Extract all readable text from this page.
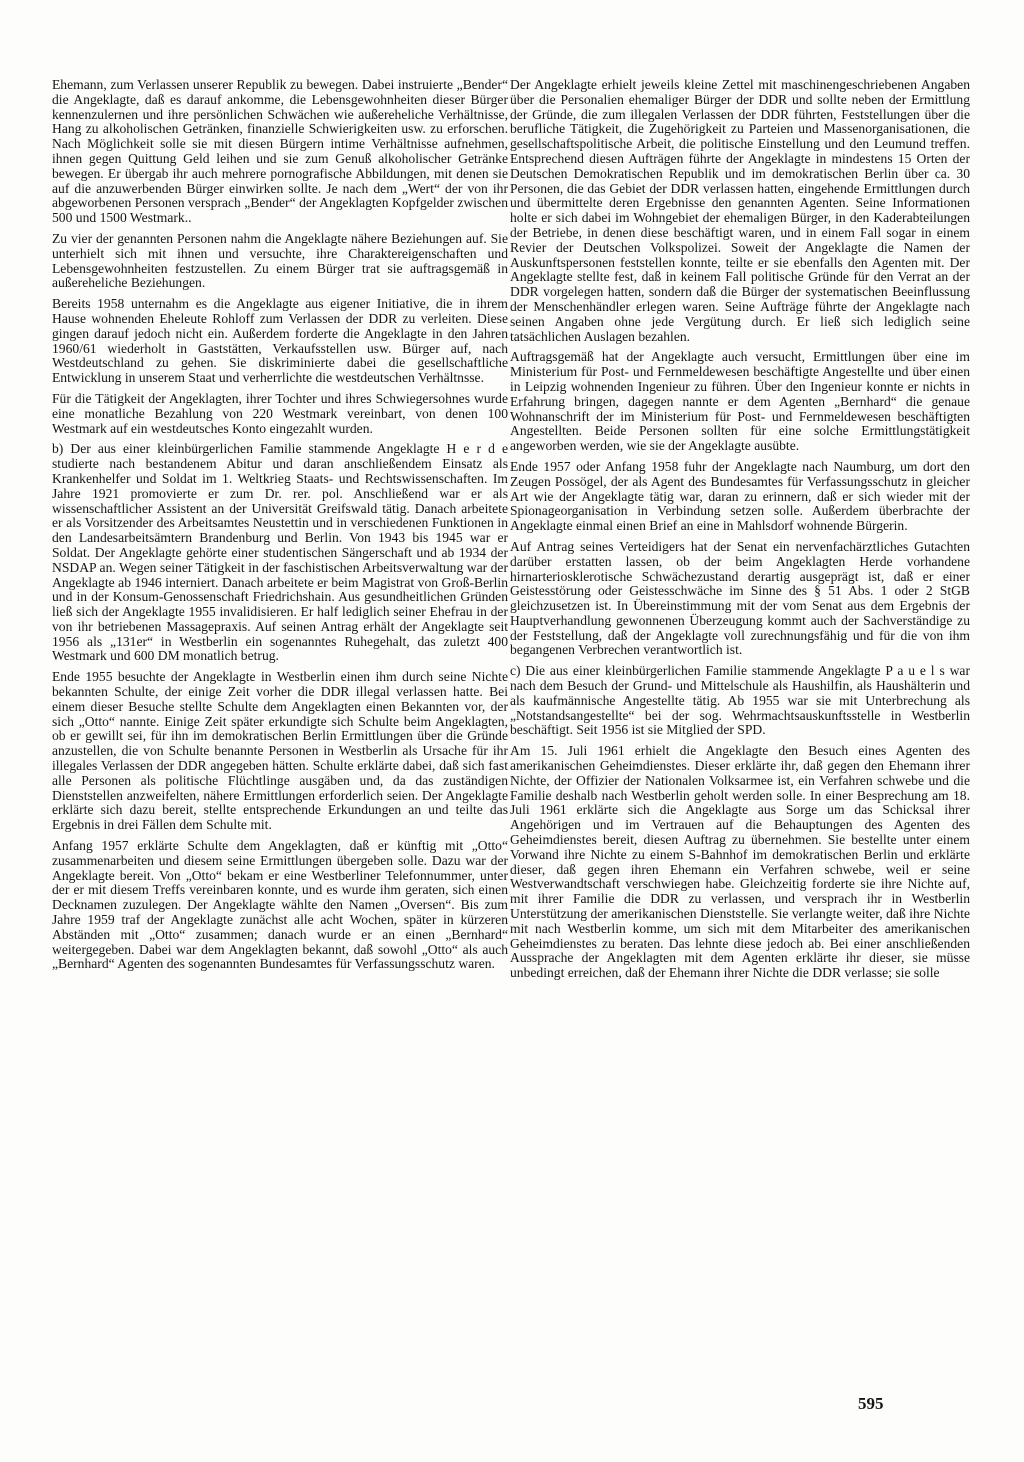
Ehemann, zum Verlassen unserer Republik zu bewegen. Dabei instruierte „Bender“ die Angeklagte, daß es darauf ankomme, die Lebensgewohnheiten dieser Bürger kennenzulernen und ihre persönlichen Schwächen wie außereheliche Verhältnisse, Hang zu alkoholischen Getränken, finanzielle Schwierigkeiten usw. zu erforschen. Nach Möglichkeit solle sie mit diesen Bürgern intime Verhältnisse aufnehmen, ihnen gegen Quittung Geld leihen und sie zum Genuß alkoholischer Getränke bewegen. Er übergab ihr auch mehrere pornografische Abbildungen, mit denen sie auf die anzuwerbenden Bürger einwirken sollte. Je nach dem „Wert“ der von ihr abgeworbenen Personen versprach „Bender“ der Angeklagten Kopfgelder zwischen 500 und 1500 Westmark..

Zu vier der genannten Personen nahm die Angeklagte nähere Beziehungen auf. Sie unterhielt sich mit ihnen und versuchte, ihre Charaktereigenschaften und Lebensgewohnheiten festzustellen. Zu einem Bürger trat sie auftragsgemäß in außereheliche Beziehungen.

Bereits 1958 unternahm es die Angeklagte aus eigener Initiative, die in ihrem Hause wohnenden Eheleute Rohloff zum Verlassen der DDR zu verleiten. Diese gingen darauf jedoch nicht ein. Außerdem forderte die Angeklagte in den Jahren 1960/61 wiederholt in Gaststätten, Verkaufsstellen usw. Bürger auf, nach Westdeutschland zu gehen. Sie diskriminierte dabei die gesellschaftliche Entwicklung in unserem Staat und verherrlichte die westdeutschen Verhältnsse.

Für die Tätigkeit der Angeklagten, ihrer Tochter und ihres Schwiegersohnes wurde eine monatliche Bezahlung von 220 Westmark vereinbart, von denen 100 Westmark auf ein westdeutsches Konto eingezahlt wurden.

b) Der aus einer kleinbürgerlichen Familie stammende Angeklagte H e r d e studierte nach bestandenem Abitur und daran anschließendem Einsatz als Krankenhelfer und Soldat im 1. Weltkrieg Staats- und Rechtswissenschaften. Im Jahre 1921 promovierte er zum Dr. rer. pol. Anschließend war er als wissenschaftlicher Assistent an der Universität Greifswald tätig. Danach arbeitete er als Vorsitzender des Arbeitsamtes Neustettin und in verschiedenen Funktionen in den Landesarbeitsämtern Brandenburg und Berlin. Von 1943 bis 1945 war er Soldat. Der Angeklagte gehörte einer studentischen Sängerschaft und ab 1934 der NSDAP an. Wegen seiner Tätigkeit in der faschistischen Arbeitsverwaltung war der Angeklagte ab 1946 interniert. Danach arbeitete er beim Magistrat von Groß-Berlin und in der Konsum-Genossenschaft Friedrichshain. Aus gesundheitlichen Gründen ließ sich der Angeklagte 1955 invalidisieren. Er half lediglich seiner Ehefrau in der von ihr betriebenen Massagepraxis. Auf seinen Antrag erhält der Angeklagte seit 1956 als „131er“ in Westberlin ein sogenanntes Ruhegehalt, das zuletzt 400 Westmark und 600 DM monatlich betrug.

Ende 1955 besuchte der Angeklagte in Westberlin einen ihm durch seine Nichte bekannten Schulte, der einige Zeit vorher die DDR illegal verlassen hatte. Bei einem dieser Besuche stellte Schulte dem Angeklagten einen Bekannten vor, der sich „Otto“ nannte. Einige Zeit später erkundigte sich Schulte beim Angeklagten, ob er gewillt sei, für ihn im demokratischen Berlin Ermittlungen über die Gründe anzustellen, die von Schulte benannte Personen in Westberlin als Ursache für ihr illegales Verlassen der DDR angegeben hätten. Schulte erklärte dabei, daß sich fast alle Personen als politische Flüchtlinge ausgäben und, da das zuständigen Dienststellen anzweifelten, nähere Ermittlungen erforderlich seien. Der Angeklagte erklärte sich dazu bereit, stellte entsprechende Erkundungen an und teilte das Ergebnis in drei Fällen dem Schulte mit.

Anfang 1957 erklärte Schulte dem Angeklagten, daß er künftig mit „Otto“ zusammenarbeiten und diesem seine Ermittlungen übergeben solle. Dazu war der Angeklagte bereit. Von „Otto“ bekam er eine Westberliner Telefonnummer, unter der er mit diesem Treffs vereinbaren konnte, und es wurde ihm geraten, sich einen Decknamen zuzulegen. Der Angeklagte wählte den Namen „Oversen“. Bis zum Jahre 1959 traf der Angeklagte zunächst alle acht Wochen, später in kürzeren Abständen mit „Otto“ zusammen; danach wurde er an einen „Bernhard“ weitergegeben. Dabei war dem Angeklagten bekannt, daß sowohl „Otto“ als auch „Bernhard“ Agenten des sogenannten Bundesamtes für Verfassungsschutz waren.

Der Angeklagte erhielt jeweils kleine Zettel mit maschinengeschriebenen Angaben über die Personalien ehemaliger Bürger der DDR und sollte neben der Ermittlung der Gründe, die zum illegalen Verlassen der DDR führten, Feststellungen über die berufliche Tätigkeit, die Zugehörigkeit zu Parteien und Massenorganisationen, die gesellschaftspolitische Arbeit, die politische Einstellung und den Leumund treffen. Entsprechend diesen Aufträgen führte der Angeklagte in mindestens 15 Orten der Deutschen Demokratischen Republik und im demokratischen Berlin über ca. 30 Personen, die das Gebiet der DDR verlassen hatten, eingehende Ermittlungen durch und übermittelte deren Ergebnisse den genannten Agenten. Seine Informationen holte er sich dabei im Wohngebiet der ehemaligen Bürger, in den Kaderabteilungen der Betriebe, in denen diese beschäftigt waren, und in einem Fall sogar in einem Revier der Deutschen Volkspolizei. Soweit der Angeklagte die Namen der Auskunftspersonen feststellen konnte, teilte er sie ebenfalls den Agenten mit. Der Angeklagte stellte fest, daß in keinem Fall politische Gründe für den Verrat an der DDR vorgelegen hatten, sondern daß die Bürger der systematischen Beeinflussung der Menschenhändler erlegen waren. Seine Aufträge führte der Angeklagte nach seinen Angaben ohne jede Vergütung durch. Er ließ sich lediglich seine tatsächlichen Auslagen bezahlen.

Auftragsgemäß hat der Angeklagte auch versucht, Ermittlungen über eine im Ministerium für Post- und Fernmeldewesen beschäftigte Angestellte und über einen in Leipzig wohnenden Ingenieur zu führen. Über den Ingenieur konnte er nichts in Erfahrung bringen, dagegen nannte er dem Agenten „Bernhard“ die genaue Wohnanschrift der im Ministerium für Post- und Fernmeldewesen beschäftigten Angestellten. Beide Personen sollten für eine solche Ermittlungstätigkeit angeworben werden, wie sie der Angeklagte ausübte.

Ende 1957 oder Anfang 1958 fuhr der Angeklagte nach Naumburg, um dort den Zeugen Possögel, der als Agent des Bundesamtes für Verfassungsschutz in gleicher Art wie der Angeklagte tätig war, daran zu erinnern, daß er sich wieder mit der Spionageorganisation in Verbindung setzen solle. Außerdem überbrachte der Angeklagte einmal einen Brief an eine in Mahlsdorf wohnende Bürgerin.

Auf Antrag seines Verteidigers hat der Senat ein nervenfachärztliches Gutachten darüber erstatten lassen, ob der beim Angeklagten Herde vorhandene hirnarteriosklerotische Schwächezustand derartig ausgeprägt ist, daß er einer Geistesstörung oder Geistesschwäche im Sinne des § 51 Abs. 1 oder 2 StGB gleichzusetzen ist. In Übereinstimmung mit der vom Senat aus dem Ergebnis der Hauptverhandlung gewonnenen Überzeugung kommt auch der Sachverständige zu der Feststellung, daß der Angeklagte voll zurechnungsfähig und für die von ihm begangenen Verbrechen verantwortlich ist.

c) Die aus einer kleinbürgerlichen Familie stammende Angeklagte P a u e l s war nach dem Besuch der Grund- und Mittelschule als Haushilfin, als Haushälterin und als kaufmännische Angestellte tätig. Ab 1955 war sie mit Unterbrechung als „Notstandsangestellte“ bei der sog. Wehrmachtsauskunftsstelle in Westberlin beschäftigt. Seit 1956 ist sie Mitglied der SPD.

Am 15. Juli 1961 erhielt die Angeklagte den Besuch eines Agenten des amerikanischen Geheimdienstes. Dieser erklärte ihr, daß gegen den Ehemann ihrer Nichte, der Offizier der Nationalen Volksarmee ist, ein Verfahren schwebe und die Familie deshalb nach Westberlin geholt werden solle. In einer Besprechung am 18. Juli 1961 erklärte sich die Angeklagte aus Sorge um das Schicksal ihrer Angehörigen und im Vertrauen auf die Behauptungen des Agenten des Geheimdienstes bereit, diesen Auftrag zu übernehmen. Sie bestellte unter einem Vorwand ihre Nichte zu einem S-Bahnhof im demokratischen Berlin und erklärte dieser, daß gegen ihren Ehemann ein Verfahren schwebe, weil er seine Westverwandtschaft verschwiegen habe. Gleichzeitig forderte sie ihre Nichte auf, mit ihrer Familie die DDR zu verlassen, und versprach ihr in Westberlin Unterstützung der amerikanischen Dienststelle. Sie verlangte weiter, daß ihre Nichte mit nach Westberlin komme, um sich mit dem Mitarbeiter des amerikanischen Geheimdienstes zu beraten. Das lehnte diese jedoch ab. Bei einer anschließenden Aussprache der Angeklagten mit dem Agenten erklärte ihr dieser, sie müsse unbedingt erreichen, daß der Ehemann ihrer Nichte die DDR verlasse; sie solle

595
